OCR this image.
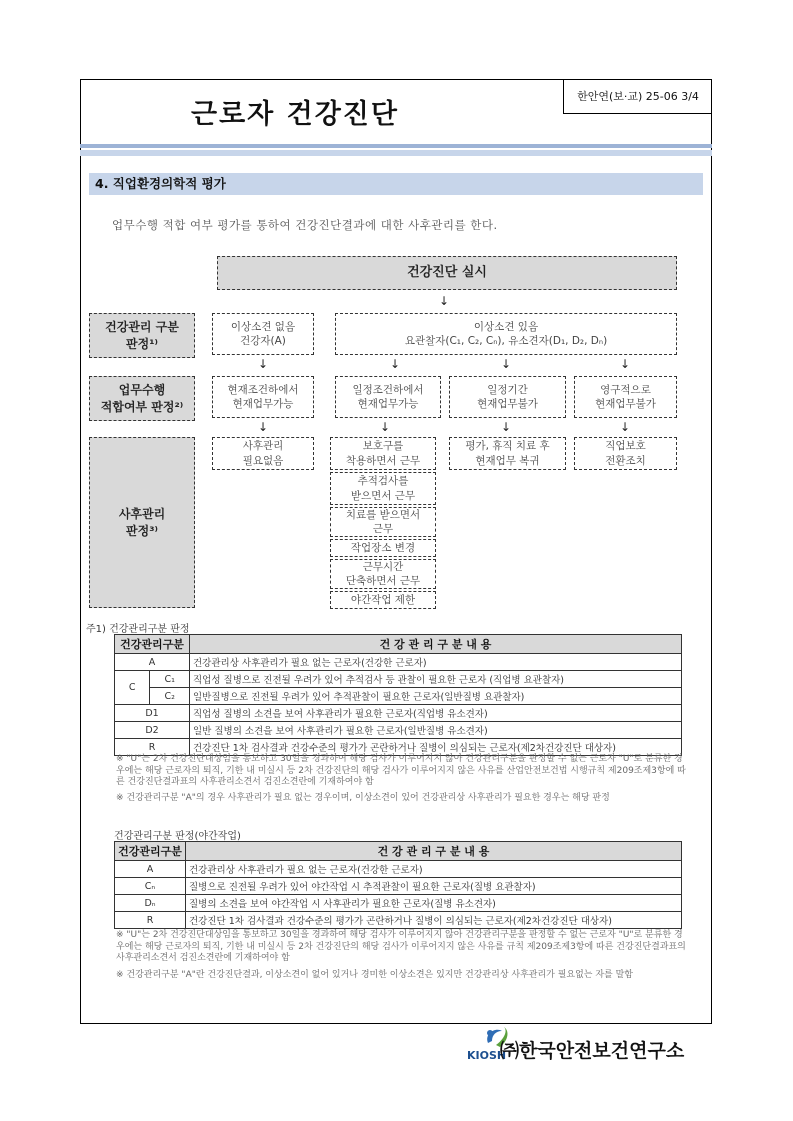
근로자 건강진단
한안연(보·교) 25-06 3/4
4. 직업환경의학적 평가
업무수행 적합 여부 평가를 통하여 건강진단결과에 대한 사후관리를 한다.
건강진단 실시
↓
건강관리 구분
판정¹⁾
이상소견 없음
건강자(A)
이상소견 있음
요관찰자(C₁, C₂, Cₙ), 유소견자(D₁, D₂, Dₙ)
↓	↓	↓	↓
업무수행
적합여부 판정²⁾
현재조건하에서
현재업무가능
일정조건하에서
현재업무가능
일정기간
현재업무불가
영구적으로
현재업무불가
↓	↓	↓	↓
사후관리
판정³⁾
사후관리
필요없음
보호구를
착용하면서 근무
추적검사를
받으면서 근무
치료를 받으면서
근무
작업장소 변경
근무시간
단축하면서 근무
야간작업 제한
평가, 휴직 치료 후
현재업무 복귀
직업보호
전환조치
주1) 건강관리구분 판정
건강관리구분		건 강 관 리 구 분 내 용
A		건강관리상 사후관리가 필요 없는 근로자(건강한 근로자)
C	C₁	직업성 질병으로 진전될 우려가 있어 추적검사 등 관찰이 필요한 근로자 (직업병 요관찰자)
	C₂	일반질병으로 진전될 우려가 있어 추적관찰이 필요한 근로자(일반질병 요관찰자)
D1		직업성 질병의 소견을 보여 사후관리가 필요한 근로자(직업병 유소견자)
D2		일반 질병의 소견을 보여 사후관리가 필요한 근로자(일반질병 유소견자)
R		건강진단 1차 검사결과 건강수준의 평가가 곤란하거나 질병이 의심되는 근로자(제2차건강진단 대상자)
※ "U"는 2차 건강진단대상임을 통보하고 30일을 경과하여 해당 검사가 이루어지지 않아 건강관리구분을 판정할 수 없는 근로자 "U"로 분류한 경우에는 해당 근로자의 퇴직, 기한 내 미실시 등 2차 건강진단의 해당 검사가 이루어지지 않은 사유를 산업안전보건법 시행규칙 제209조제3항에 따른 건강진단결과표의 사후관리소견서 검진소견란에 기재하여야 함
※ 건강관리구분 "A"의 경우 사후관리가 필요 없는 경우이며, 이상소견이 있어 건강관리상 사후관리가 필요한 경우는 해당 판정
건강관리구분 판정(야간작업)
건강관리구분	건 강 관 리 구 분 내 용
A	건강관리상 사후관리가 필요 없는 근로자(건강한 근로자)
Cₙ	질병으로 진전될 우려가 있어 야간작업 시 추적관찰이 필요한 근로자(질병 요관찰자)
Dₙ	질병의 소견을 보여 야간작업 시 사후관리가 필요한 근로자(질병 유소견자)
R	건강진단 1차 검사결과 건강수준의 평가가 곤란하거나 질병이 의심되는 근로자(제2차건강진단 대상자)
※ "U"는 2차 건강진단대상임을 통보하고 30일을 경과하여 해당 검사가 이루어지지 않아 건강관리구분을 판정할 수 없는 근로자 "U"로 분류한 경우에는 해당 근로자의 퇴직, 기한 내 미실시 등 2차 건강진단의 해당 검사가 이루어지지 않은 사유를 규칙 제209조제3항에 따른 건강진단결과표의 사후관리소견서 검진소견란에 기재하여야 함
※ 건강관리구분 "A"란 건강진단결과, 이상소견이 없어 있거나 경미한 이상소견은 있지만 건강관리상 사후관리가 필요없는 자를 말함
KIOSH
㈜한국안전보건연구소
